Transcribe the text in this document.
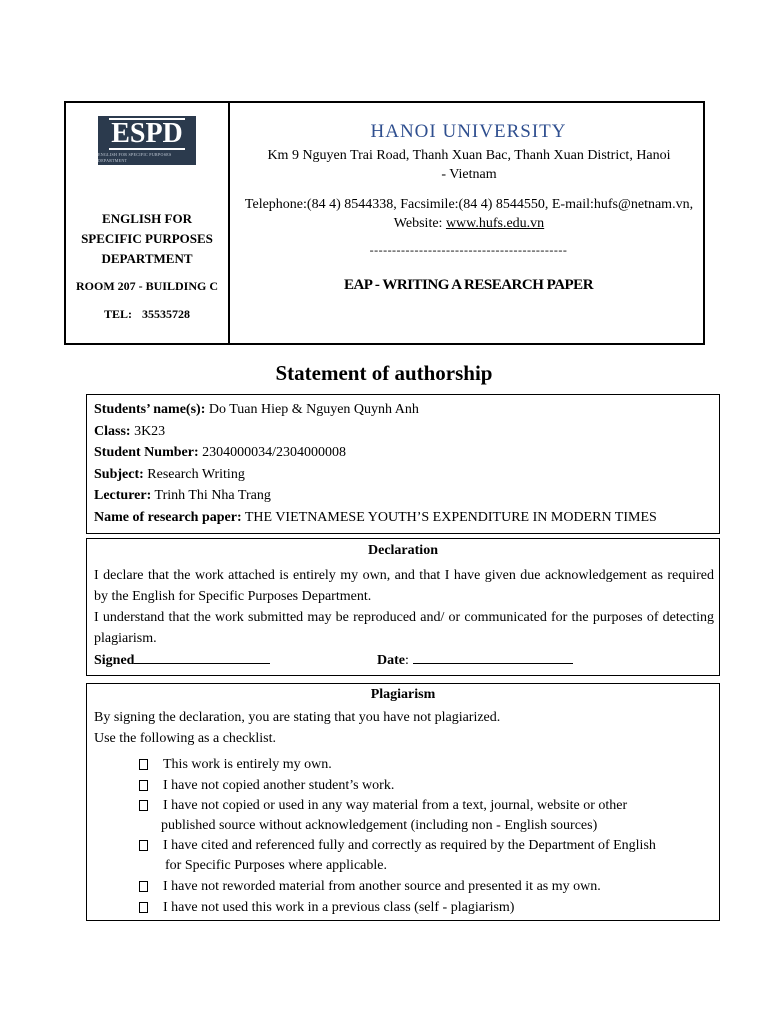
ESPD
ENGLISH FOR SPECIFIC PURPOSES DEPARTMENT
ENGLISH FOR
SPECIFIC PURPOSES
DEPARTMENT
ROOM 207 - BUILDING C
TEL: 35535728
HANOI UNIVERSITY
Km 9 Nguyen Trai Road, Thanh Xuan Bac, Thanh Xuan District, Hanoi
- Vietnam
Telephone:(84 4) 8544338, Facsimile:(84 4) 8544550, E-mail:hufs@netnam.vn,
Website: www.hufs.edu.vn
--------------------------------------------
EAP - WRITING A RESEARCH PAPER
Statement of authorship
Students’ name(s): Do Tuan Hiep & Nguyen Quynh Anh
Class: 3K23
Student Number: 2304000034/2304000008
Subject: Research Writing
Lecturer: Trinh Thi Nha Trang
Name of research paper: THE VIETNAMESE YOUTH’S EXPENDITURE IN MODERN TIMES
Declaration
I declare that the work attached is entirely my own, and that I have given due acknowledgement as required by the English for Specific Purposes Department.
I understand that the work submitted may be reproduced and/ or communicated for the purposes of detecting plagiarism.
Signed	Date:
Plagiarism
By signing the declaration, you are stating that you have not plagiarized.
Use the following as a checklist.
This work is entirely my own.
I have not copied another student’s work.
I have not copied or used in any way material from a text, journal, website or other
published source without acknowledgement (including non - English sources)
I have cited and referenced fully and correctly as required by the Department of English
for Specific Purposes where applicable.
I have not reworded material from another source and presented it as my own.
I have not used this work in a previous class (self - plagiarism)
